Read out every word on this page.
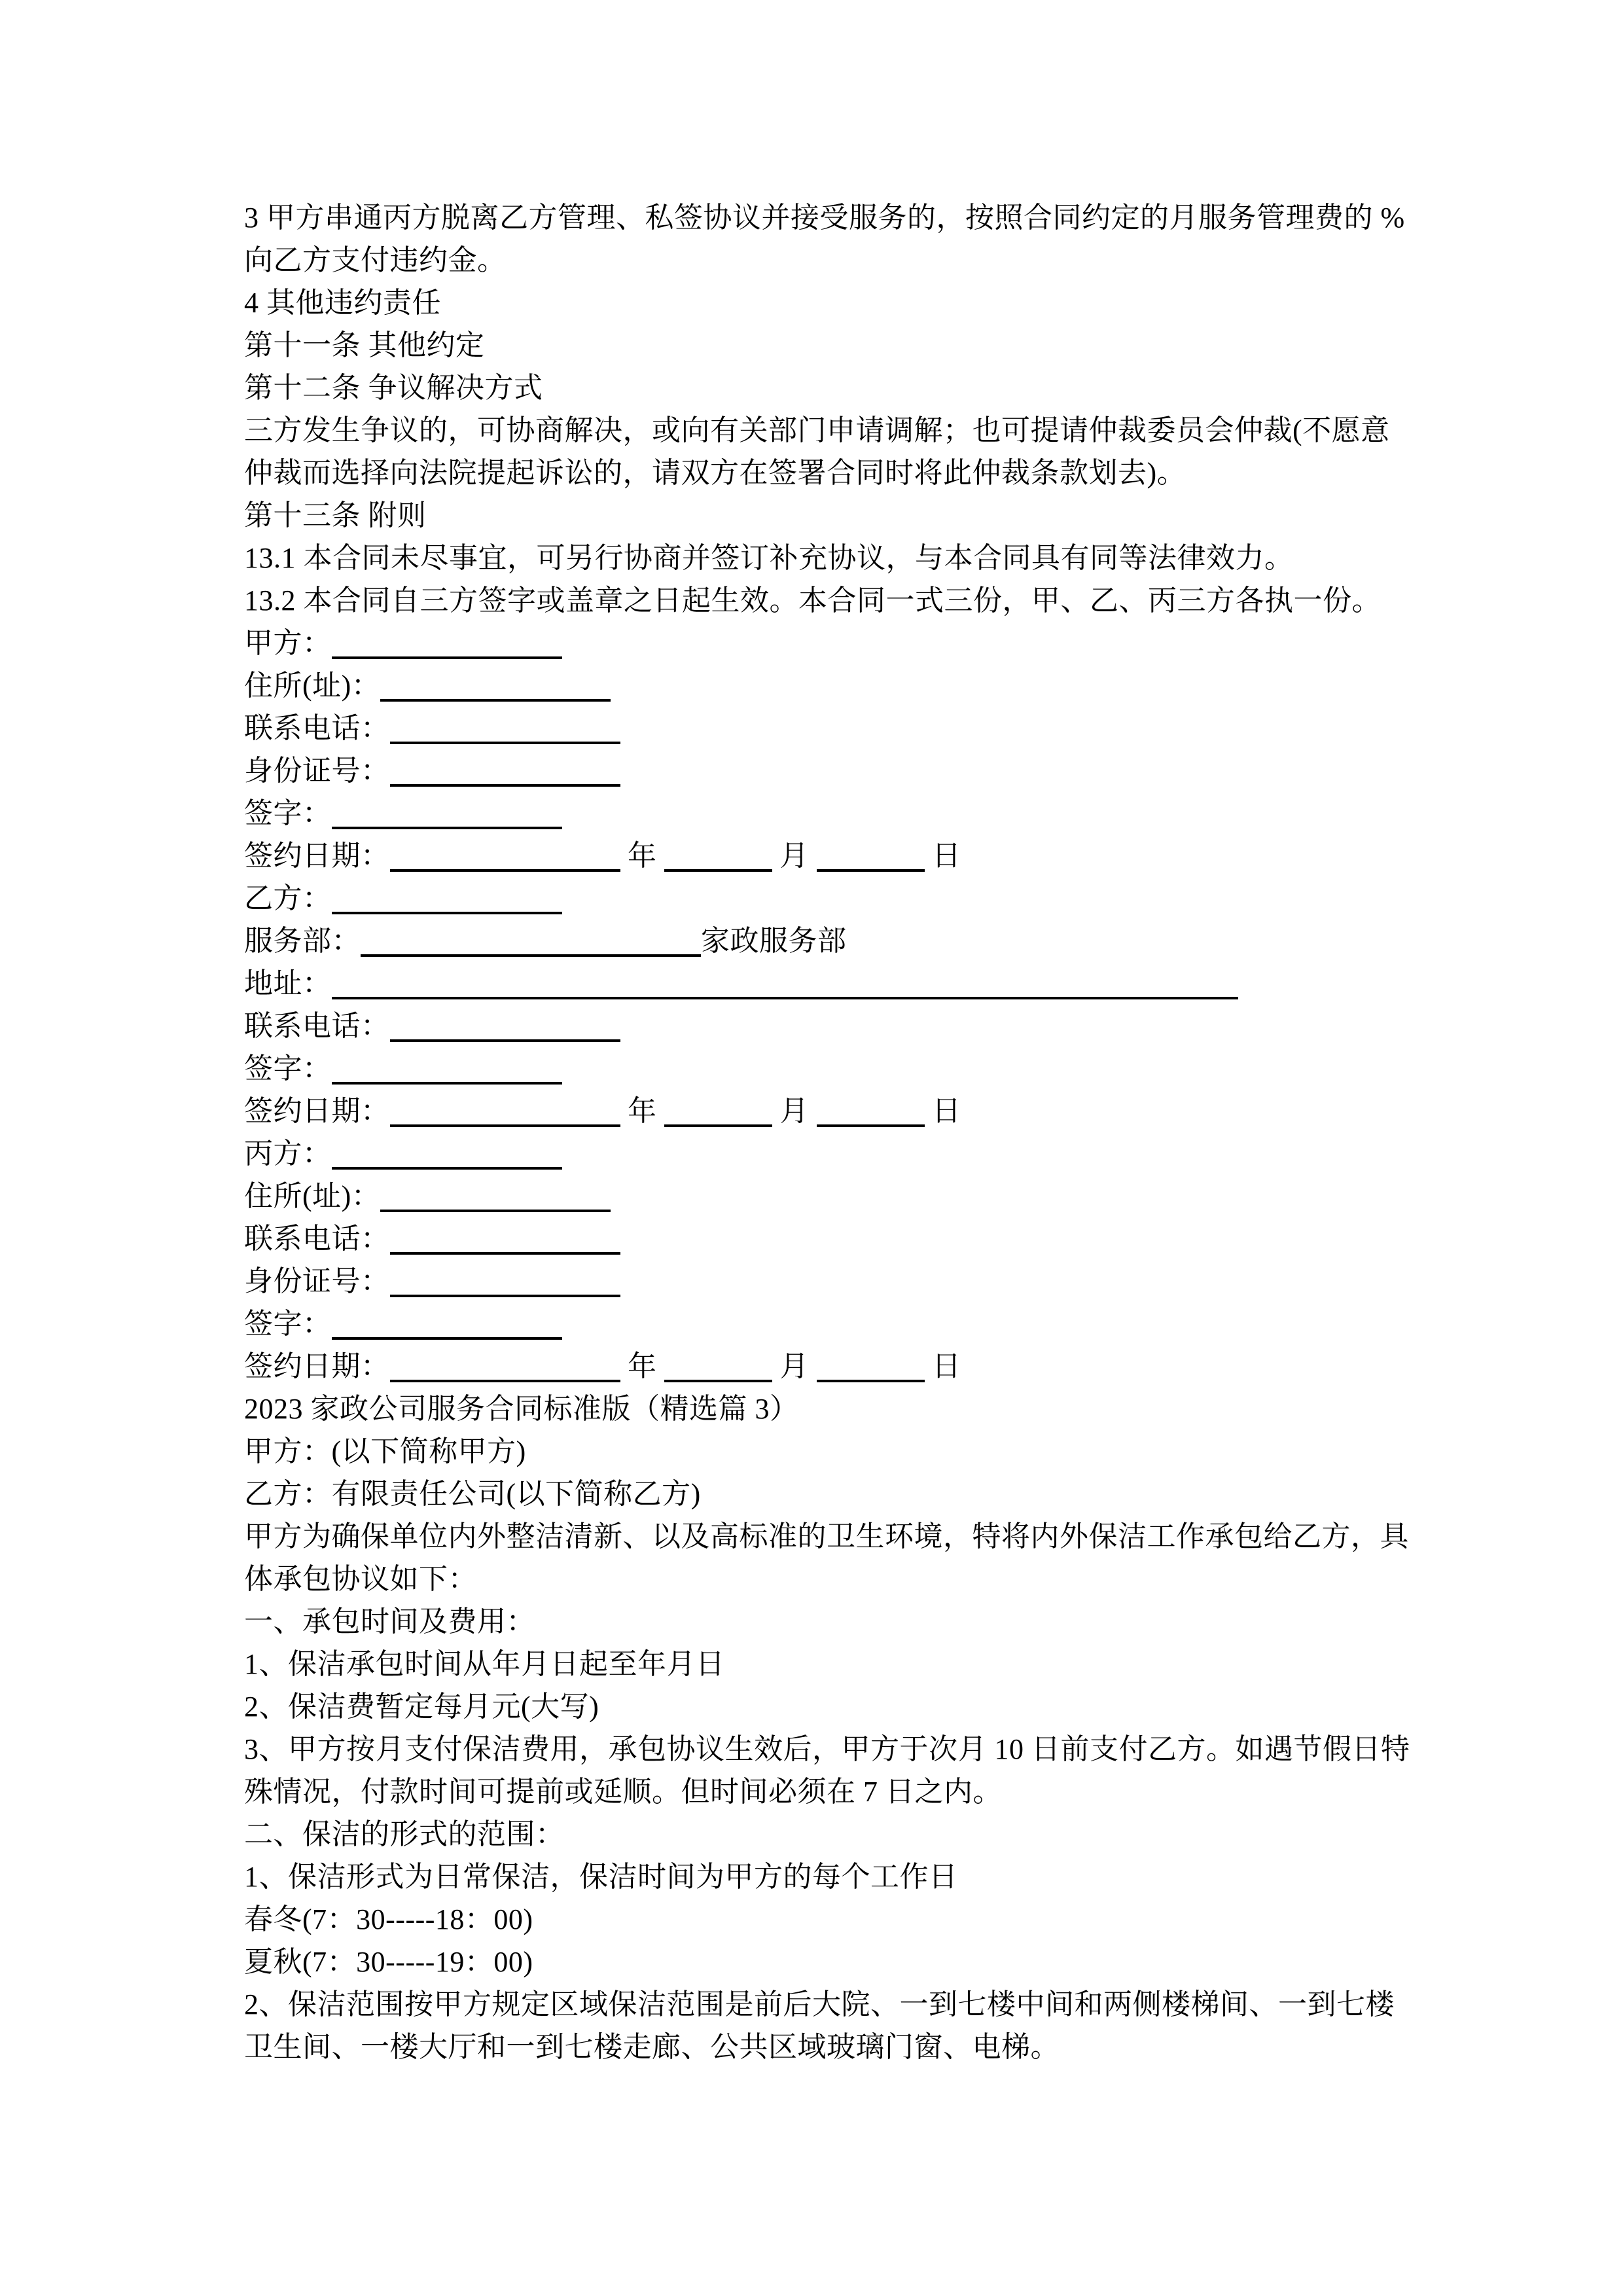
3 甲方串通丙方脱离乙方管理、私签协议并接受服务的，按照合同约定的月服务管理费的 %
向乙方支付违约金。
4 其他违约责任
第十一条 其他约定
第十二条 争议解决方式
三方发生争议的，可协商解决，或向有关部门申请调解；也可提请仲裁委员会仲裁(不愿意
仲裁而选择向法院提起诉讼的，请双方在签署合同时将此仲裁条款划去)。
第十三条 附则
13.1 本合同未尽事宜，可另行协商并签订补充协议，与本合同具有同等法律效力。
13.2 本合同自三方签字或盖章之日起生效。本合同一式三份，甲、乙、丙三方各执一份。
甲方：
住所(址)：
联系电话：
身份证号：
签字：
签约日期：	年	月	日
乙方：
服务部：	家政服务部
地址：
联系电话：
签字：
签约日期：	年	月	日
丙方：
住所(址)：
联系电话：
身份证号：
签字：
签约日期：	年	月	日
2023 家政公司服务合同标准版（精选篇 3）
甲方：(以下简称甲方)
乙方：有限责任公司(以下简称乙方)
甲方为确保单位内外整洁清新、以及高标准的卫生环境，特将内外保洁工作承包给乙方，具
体承包协议如下：
一、承包时间及费用：
1、保洁承包时间从年月日起至年月日
2、保洁费暂定每月元(大写)
3、甲方按月支付保洁费用，承包协议生效后，甲方于次月 10 日前支付乙方。如遇节假日特
殊情况，付款时间可提前或延顺。但时间必须在 7 日之内。
二、保洁的形式的范围：
1、保洁形式为日常保洁，保洁时间为甲方的每个工作日
春冬(7：30-----18：00)
夏秋(7：30-----19：00)
2、保洁范围按甲方规定区域保洁范围是前后大院、一到七楼中间和两侧楼梯间、一到七楼
卫生间、一楼大厅和一到七楼走廊、公共区域玻璃门窗、电梯。
